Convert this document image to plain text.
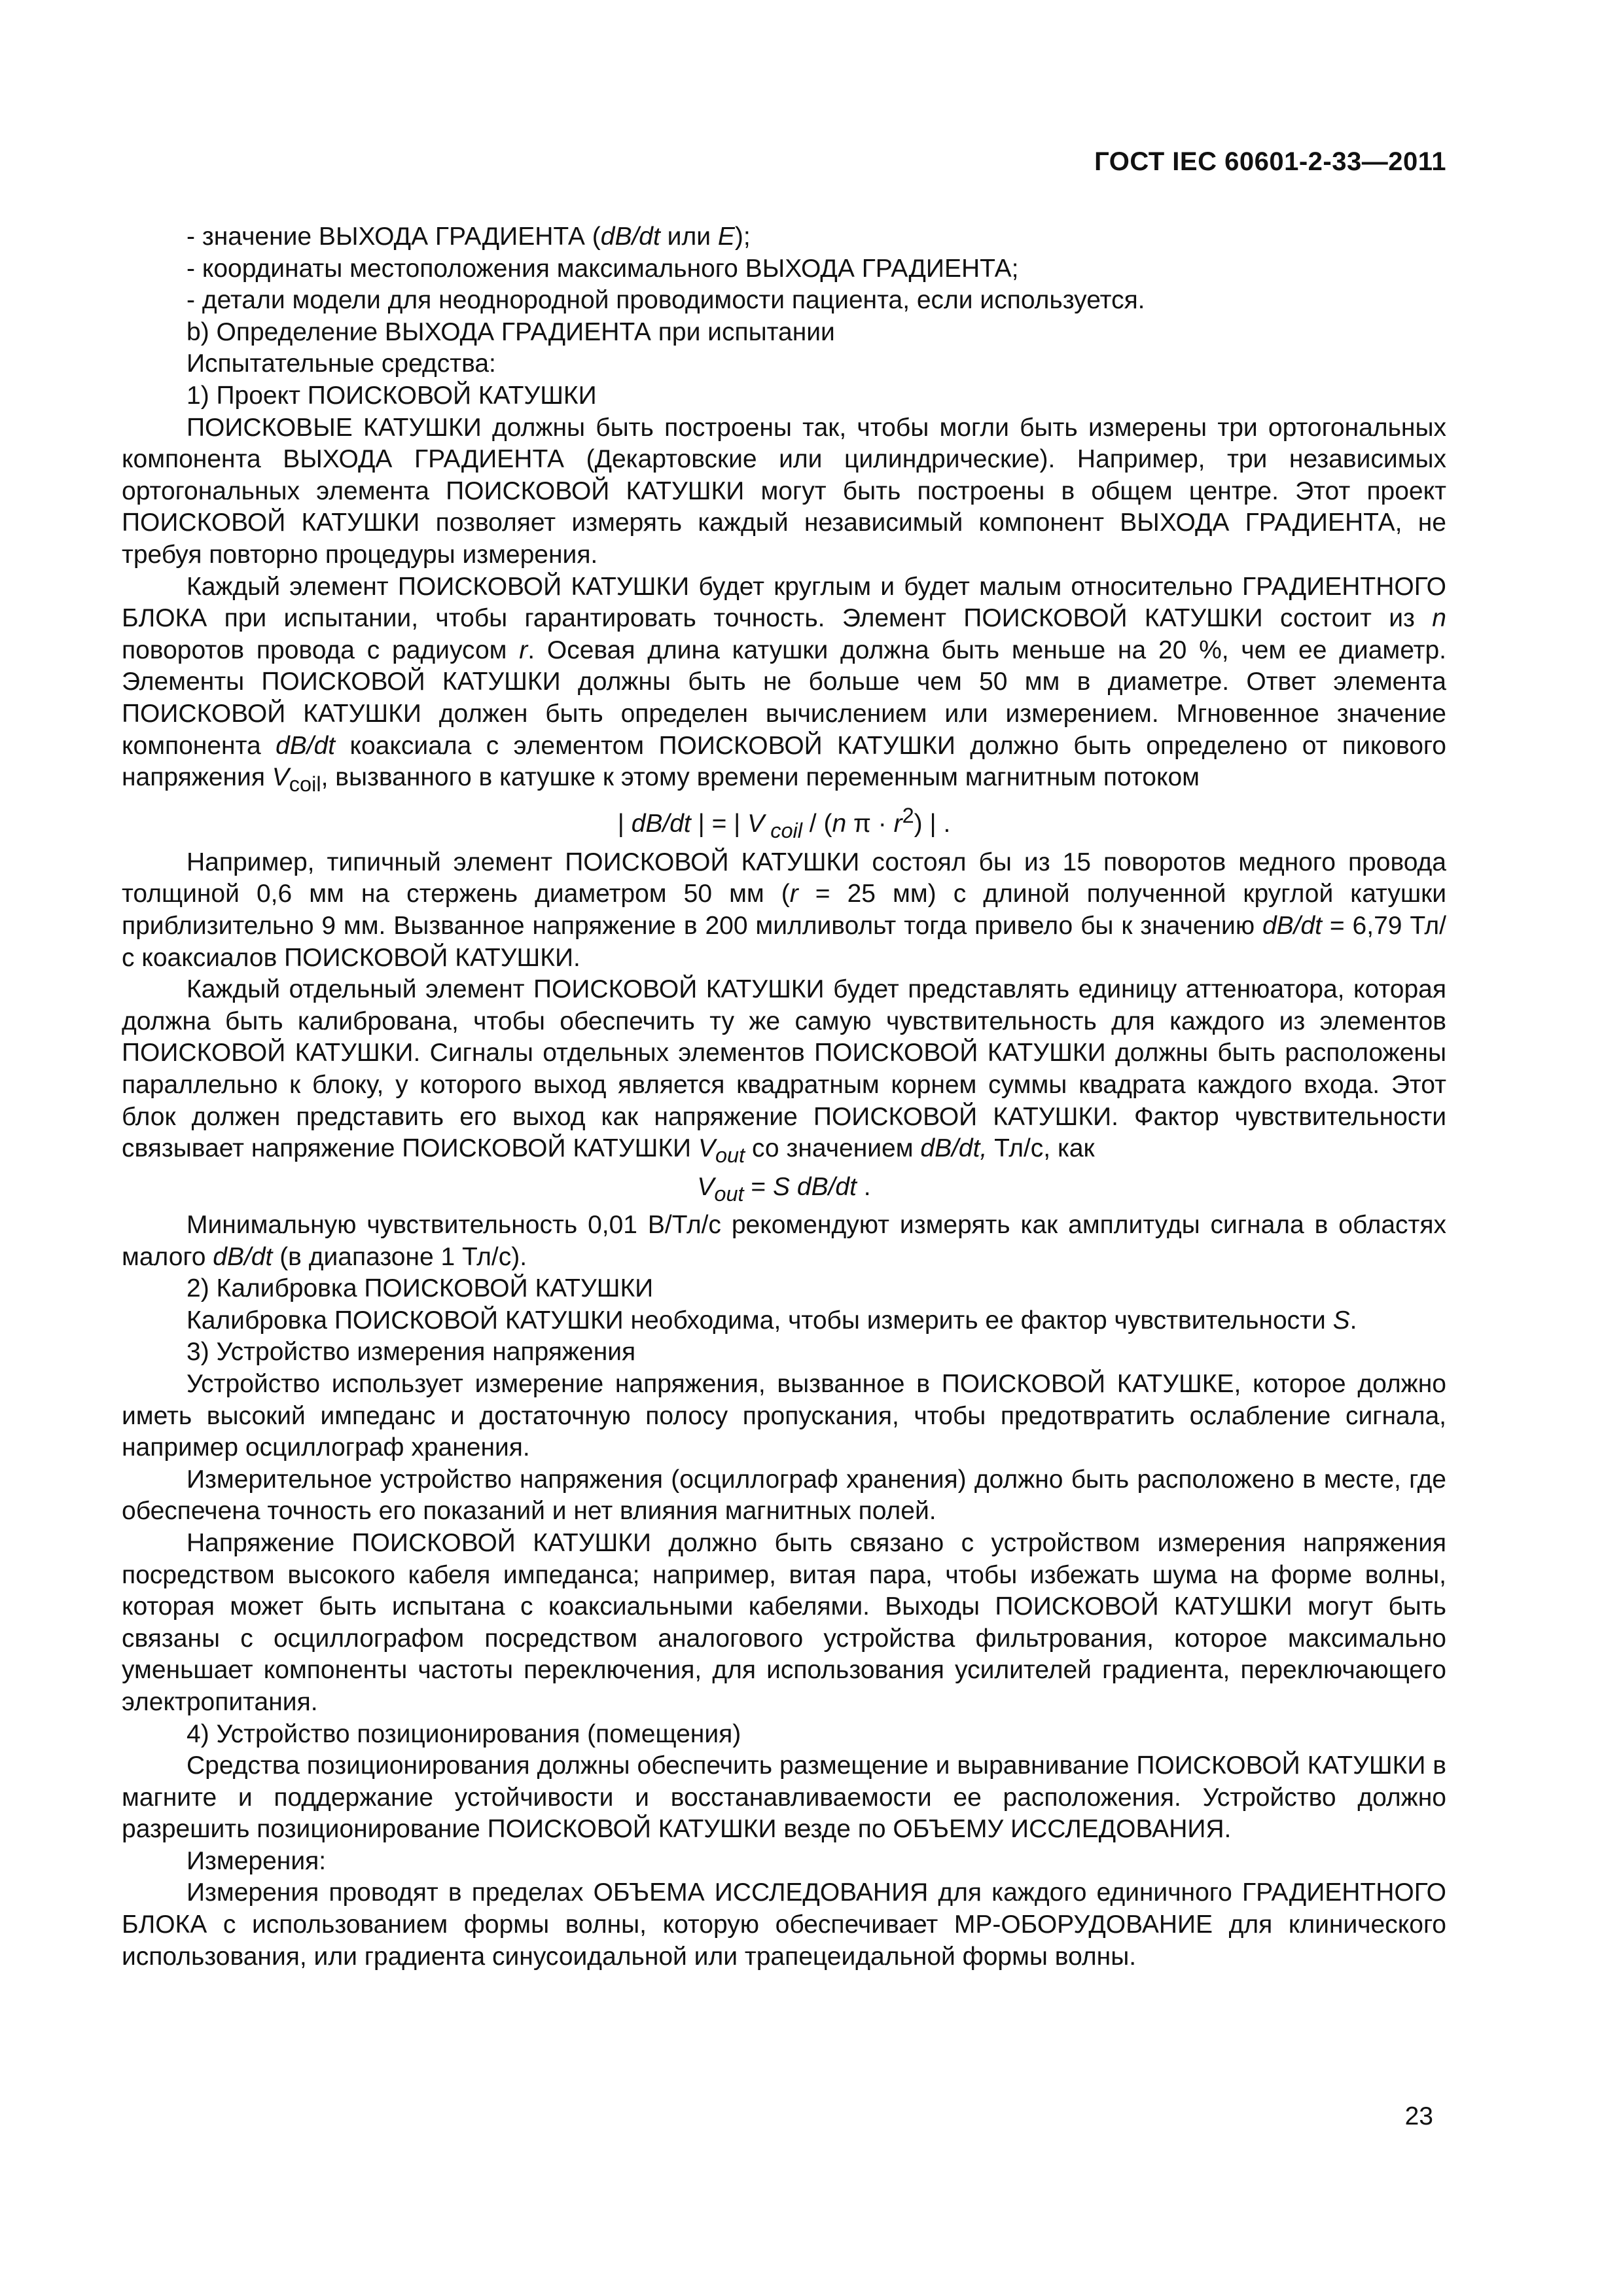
ГОСТ IEC 60601-2-33—2011

- значение ВЫХОДА ГРАДИЕНТА (dB/dt или E);

- координаты местоположения максимального ВЫХОДА ГРАДИЕНТА;

- детали модели для неоднородной проводимости пациента, если используется.

b) Определение ВЫХОДА ГРАДИЕНТА при испытании

Испытательные средства:

1) Проект ПОИСКОВОЙ КАТУШКИ

ПОИСКОВЫЕ КАТУШКИ должны быть построены так, чтобы могли быть измерены три ортогональных компонента ВЫХОДА ГРАДИЕНТА (Декартовские или цилиндрические). Например, три независимых ортогональных элемента ПОИСКОВОЙ КАТУШКИ могут быть построены в общем центре. Этот проект ПОИСКОВОЙ КАТУШКИ позволяет измерять каждый независимый компонент ВЫХОДА ГРАДИЕНТА, не требуя повторно процедуры измерения.

Каждый элемент ПОИСКОВОЙ КАТУШКИ будет круглым и будет малым относительно ГРАДИЕНТНОГО БЛОКА при испытании, чтобы гарантировать точность. Элемент ПОИСКОВОЙ КАТУШКИ состоит из n поворотов провода с радиусом r. Осевая длина катушки должна быть меньше на 20 %, чем ее диаметр. Элементы ПОИСКОВОЙ КАТУШКИ должны быть не больше чем 50 мм в диаметре. Ответ элемента ПОИСКОВОЙ КАТУШКИ должен быть определен вычислением или измерением. Мгновенное значение компонента dB/dt коаксиала с элементом ПОИСКОВОЙ КАТУШКИ должно быть определено от пикового напряжения $V_{coil}$, вызванного в катушке к этому времени переменным магнитным потоком

| dB/dt | = | V $_{coil}$ / (n $\pi \cdot r^2$) | .

Например, типичный элемент ПОИСКОВОЙ КАТУШКИ состоял бы из 15 поворотов медного провода толщиной 0,6 мм на стержень диаметром 50 мм (r = 25 мм) с длиной полученной круглой катушки приблизительно 9 мм. Вызванное напряжение в 200 милливольт тогда привело бы к значению dB/dt = 6,79 Тл/с коаксиалов ПОИСКОВОЙ КАТУШКИ.

Каждый отдельный элемент ПОИСКОВОЙ КАТУШКИ будет представлять единицу аттенюатора, которая должна быть калибрована, чтобы обеспечить ту же самую чувствительность для каждого из элементов ПОИСКОВОЙ КАТУШКИ. Сигналы отдельных элементов ПОИСКОВОЙ КАТУШКИ должны быть расположены параллельно к блоку, у которого выход является квадратным корнем суммы квадрата каждого входа. Этот блок должен представить его выход как напряжение ПОИСКОВОЙ КАТУШКИ. Фактор чувствительности связывает напряжение ПОИСКОВОЙ КАТУШКИ $V_{out}$ со значением dB/dt, Тл/с, как

$V_{out} = S$ dB/dt .

Минимальную чувствительность 0,01 В/Тл/с рекомендуют измерять как амплитуды сигнала в областях малого dB/dt (в диапазоне 1 Тл/с).

2) Калибровка ПОИСКОВОЙ КАТУШКИ

Калибровка ПОИСКОВОЙ КАТУШКИ необходима, чтобы измерить ее фактор чувствительности S.

3) Устройство измерения напряжения

Устройство использует измерение напряжения, вызванное в ПОИСКОВОЙ КАТУШКЕ, которое должно иметь высокий импеданс и достаточную полосу пропускания, чтобы предотвратить ослабление сигнала, например осциллограф хранения.

Измерительное устройство напряжения (осциллограф хранения) должно быть расположено в месте, где обеспечена точность его показаний и нет влияния магнитных полей.

Напряжение ПОИСКОВОЙ КАТУШКИ должно быть связано с устройством измерения напряжения посредством высокого кабеля импеданса; например, витая пара, чтобы избежать шума на форме волны, которая может быть испытана с коаксиальными кабелями. Выходы ПОИСКОВОЙ КАТУШКИ могут быть связаны с осциллографом посредством аналогового устройства фильтрования, которое максимально уменьшает компоненты частоты переключения, для использования усилителей градиента, переключающего электропитания.

4) Устройство позиционирования (помещения)

Средства позиционирования должны обеспечить размещение и выравнивание ПОИСКОВОЙ КАТУШКИ в магните и поддержание устойчивости и восстанавливаемости ее расположения. Устройство должно разрешить позиционирование ПОИСКОВОЙ КАТУШКИ везде по ОБЪЕМУ ИССЛЕДОВАНИЯ.

Измерения:

Измерения проводят в пределах ОБЪЕМА ИССЛЕДОВАНИЯ для каждого единичного ГРАДИЕНТНОГО БЛОКА с использованием формы волны, которую обеспечивает МР-ОБОРУДОВАНИЕ для клинического использования, или градиента синусоидальной или трапецеидальной формы волны.

23
